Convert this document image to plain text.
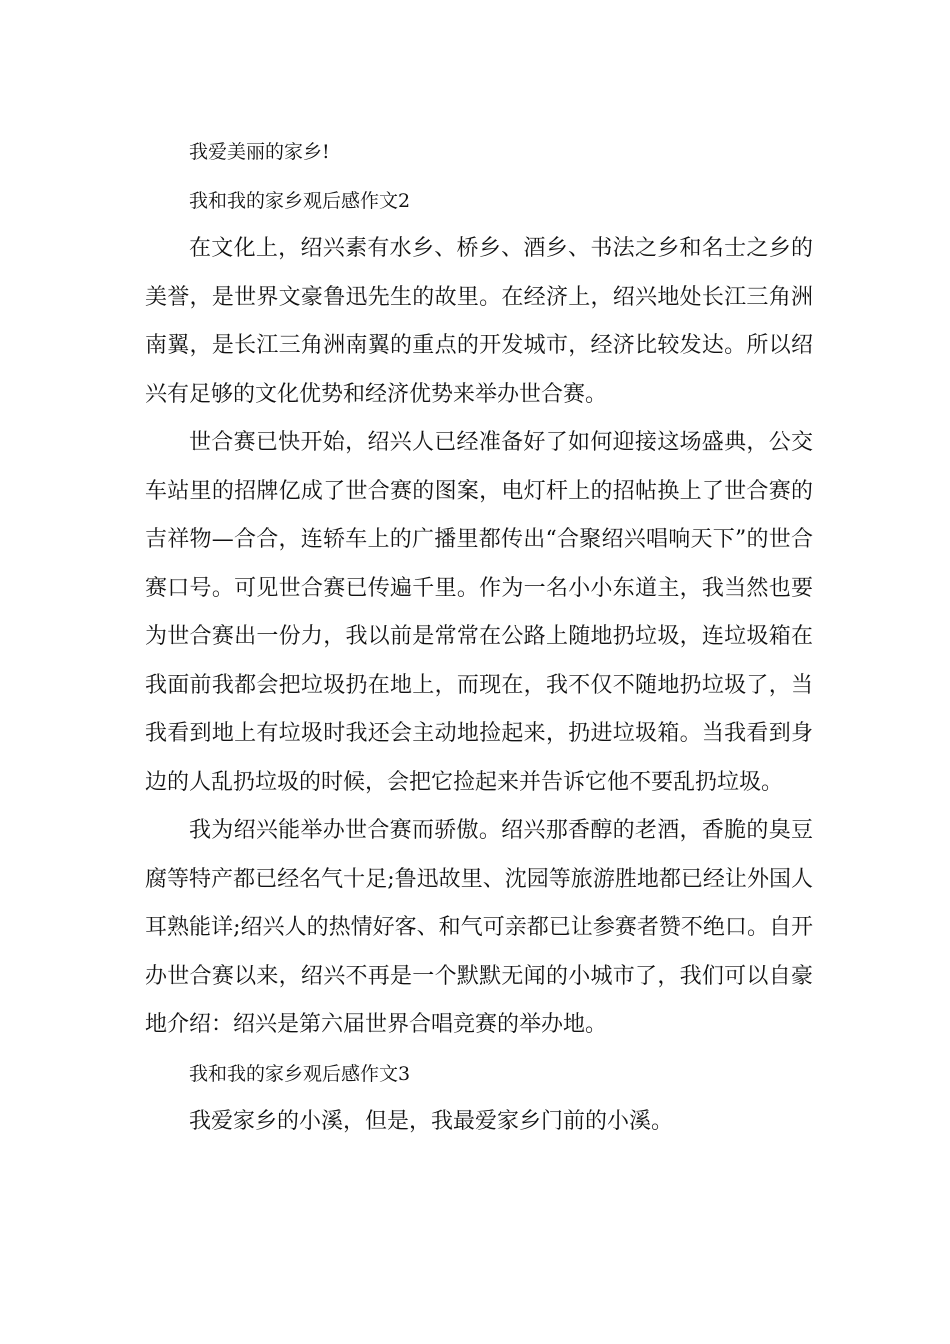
我爱美丽的家乡!

我和我的家乡观后感作文2

在文化上，绍兴素有水乡、桥乡、酒乡、书法之乡和名士之乡的美誉，是世界文豪鲁迅先生的故里。在经济上，绍兴地处长江三角洲南翼，是长江三角洲南翼的重点的开发城市，经济比较发达。所以绍兴有足够的文化优势和经济优势来举办世合赛。

世合赛已快开始，绍兴人已经准备好了如何迎接这场盛典，公交车站里的招牌亿成了世合赛的图案，电灯杆上的招帖换上了世合赛的吉祥物—合合，连轿车上的广播里都传出“合聚绍兴唱响天下”的世合赛口号。可见世合赛已传遍千里。作为一名小小东道主，我当然也要为世合赛出一份力，我以前是常常在公路上随地扔垃圾，连垃圾箱在我面前我都会把垃圾扔在地上，而现在，我不仅不随地扔垃圾了，当我看到地上有垃圾时我还会主动地捡起来，扔进垃圾箱。当我看到身边的人乱扔垃圾的时候，会把它捡起来并告诉它他不要乱扔垃圾。

我为绍兴能举办世合赛而骄傲。绍兴那香醇的老酒，香脆的臭豆腐等特产都已经名气十足;鲁迅故里、沈园等旅游胜地都已经让外国人耳熟能详;绍兴人的热情好客、和气可亲都已让参赛者赞不绝口。自开办世合赛以来，绍兴不再是一个默默无闻的小城市了，我们可以自豪地介绍：绍兴是第六届世界合唱竞赛的举办地。

我和我的家乡观后感作文3

我爱家乡的小溪，但是，我最爱家乡门前的小溪。
